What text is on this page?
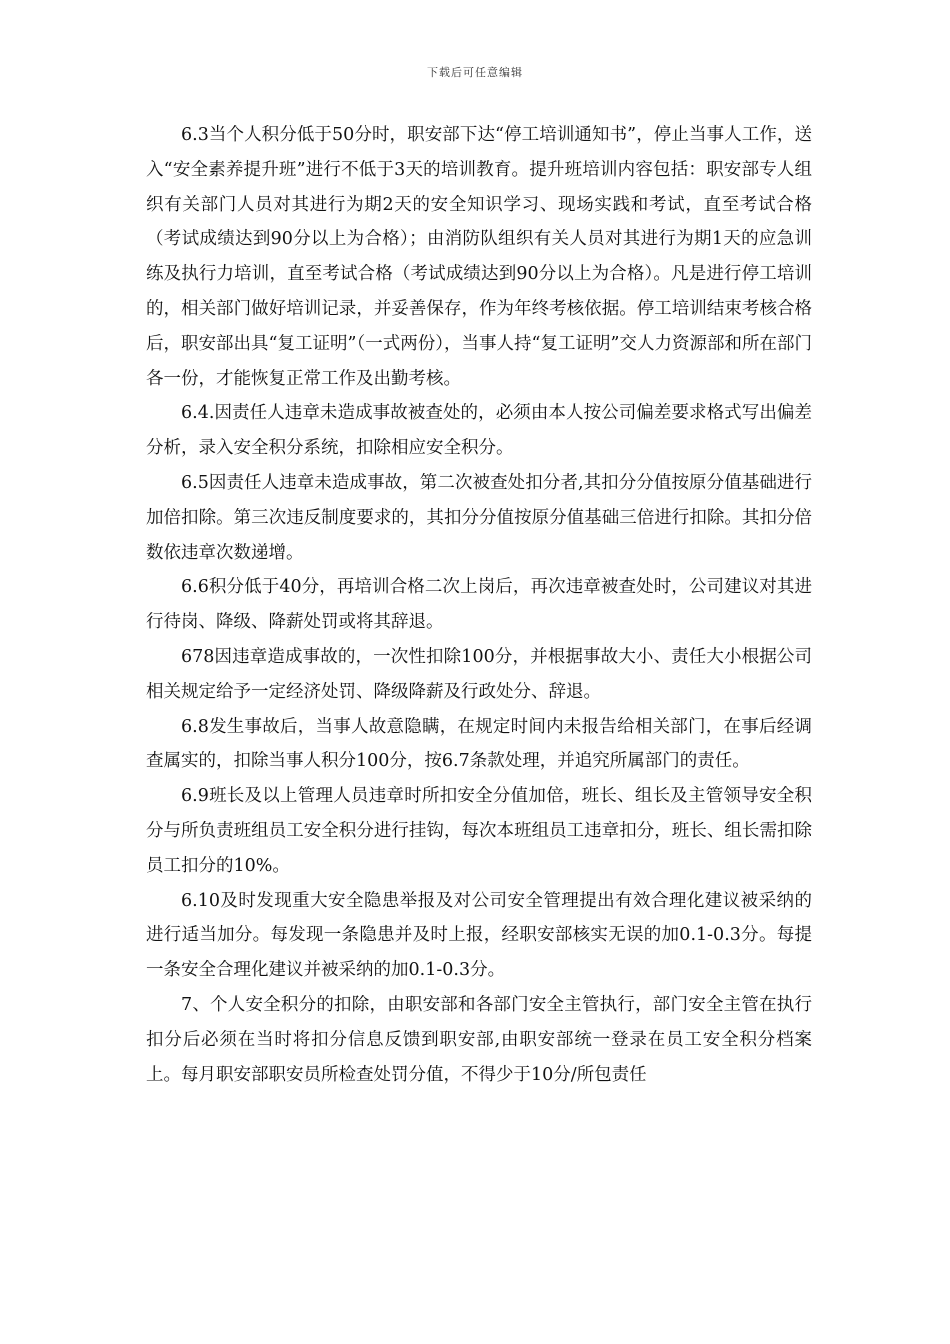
下载后可任意编辑

6.3当个人积分低于50分时，职安部下达“停工培训通知书”，停止当事人工作，送入“安全素养提升班”进行不低于3天的培训教育。提升班培训内容包括：职安部专人组织有关部门人员对其进行为期2天的安全知识学习、现场实践和考试，直至考试合格（考试成绩达到90分以上为合格）；由消防队组织有关人员对其进行为期1天的应急训练及执行力培训，直至考试合格（考试成绩达到90分以上为合格）。凡是进行停工培训的，相关部门做好培训记录，并妥善保存，作为年终考核依据。停工培训结束考核合格后，职安部出具“复工证明”（一式两份），当事人持“复工证明”交人力资源部和所在部门各一份，才能恢复正常工作及出勤考核。

6.4.因责任人违章未造成事故被查处的，必须由本人按公司偏差要求格式写出偏差分析，录入安全积分系统，扣除相应安全积分。

6.5因责任人违章未造成事故，第二次被查处扣分者,其扣分分值按原分值基础进行加倍扣除。第三次违反制度要求的，其扣分分值按原分值基础三倍进行扣除。其扣分倍数依违章次数递增。

6.6积分低于40分，再培训合格二次上岗后，再次违章被查处时，公司建议对其进行待岗、降级、降薪处罚或将其辞退。

678因违章造成事故的，一次性扣除100分，并根据事故大小、责任大小根据公司相关规定给予一定经济处罚、降级降薪及行政处分、辞退。

6.8发生事故后，当事人故意隐瞒，在规定时间内未报告给相关部门，在事后经调查属实的，扣除当事人积分100分，按6.7条款处理，并追究所属部门的责任。

6.9班长及以上管理人员违章时所扣安全分值加倍，班长、组长及主管领导安全积分与所负责班组员工安全积分进行挂钩，每次本班组员工违章扣分，班长、组长需扣除员工扣分的10%。

6.10及时发现重大安全隐患举报及对公司安全管理提出有效合理化建议被采纳的进行适当加分。每发现一条隐患并及时上报，经职安部核实无误的加0.1-0.3分。每提一条安全合理化建议并被采纳的加0.1-0.3分。

7、个人安全积分的扣除，由职安部和各部门安全主管执行，部门安全主管在执行扣分后必须在当时将扣分信息反馈到职安部,由职安部统一登录在员工安全积分档案上。每月职安部职安员所检查处罚分值，不得少于10分/所包责任
